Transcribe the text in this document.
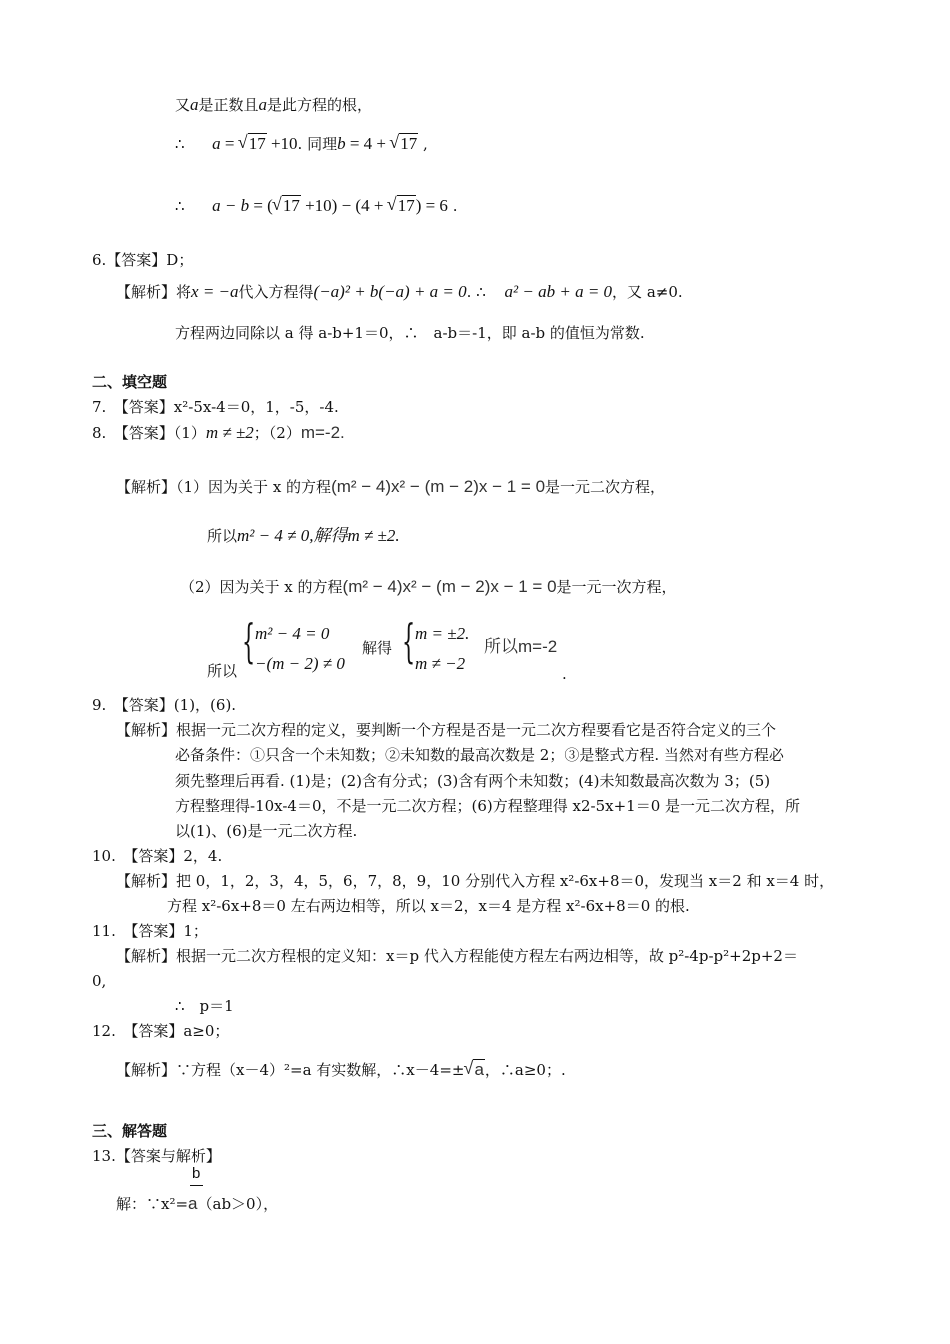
又a是正数且a是此方程的根，
∴ a = √ 17 +10. 同理b = 4 + √ 17 ,
∴ a − b = ( √ 17 +10) − (4 + √ 17) = 6 .
6.【答案】D；
【解析】将x = −a代入方程得(−a)² + b(−a) + a = 0. ∴ a² − ab + a = 0，又 a≠0.
方程两边同除以 a 得 a-b+1＝0，∴　a-b＝-1，即 a-b 的值恒为常数.
二、填空题
7.　【答案】x²-5x-4＝0，1，-5，-4.
8.　【答案】（1）m ≠ ±2；（2）m=-2.
【解析】（1）因为关于 x 的方程(m² − 4)x² − (m − 2)x − 1 = 0是一元二次方程，
所以m² − 4 ≠ 0,解得m ≠ ±2.
（2）因为关于 x 的方程(m² − 4)x² − (m − 2)x − 1 = 0是一元一次方程，
所以
{ m² − 4 = 0
−(m − 2) ≠ 0
解得 { m = ±2.
m ≠ −2
所以m=-2
.
9.　【答案】(1)，(6).
【解析】根据一元二次方程的定义，要判断一个方程是否是一元二次方程要看它是否符合定义的三个
必备条件：①只含一个未知数；②未知数的最高次数是 2；③是整式方程. 当然对有些方程必
须先整理后再看. (1)是；(2)含有分式；(3)含有两个未知数；(4)未知数最高次数为 3；(5)
方程整理得-10x-4＝0，不是一元二次方程；(6)方程整理得 x2-5x+1＝0 是一元二次方程，所
以(1)、(6)是一元二次方程.
10.　【答案】2，4.
【解析】把 0，1，2，3，4，5，6，7，8，9，10 分别代入方程 x²-6x+8＝0，发现当 x＝2 和 x＝4 时，
方程 x²-6x+8＝0 左右两边相等，所以 x＝2，x＝4 是方程 x²-6x+8＝0 的根.
11.　【答案】1；
【解析】根据一元二次方程根的定义知：x＝p 代入方程能使方程左右两边相等，故 p²-4p-p²+2p+2＝
0,
∴　p＝1
12.　【答案】a≥0；
【解析】∵方程（x－4）²=a 有实数解，∴x－4=± √ a，∴a≥0；.
三、解答题
13.【答案与解析】
b
解：∵x²=a（ab＞0），
